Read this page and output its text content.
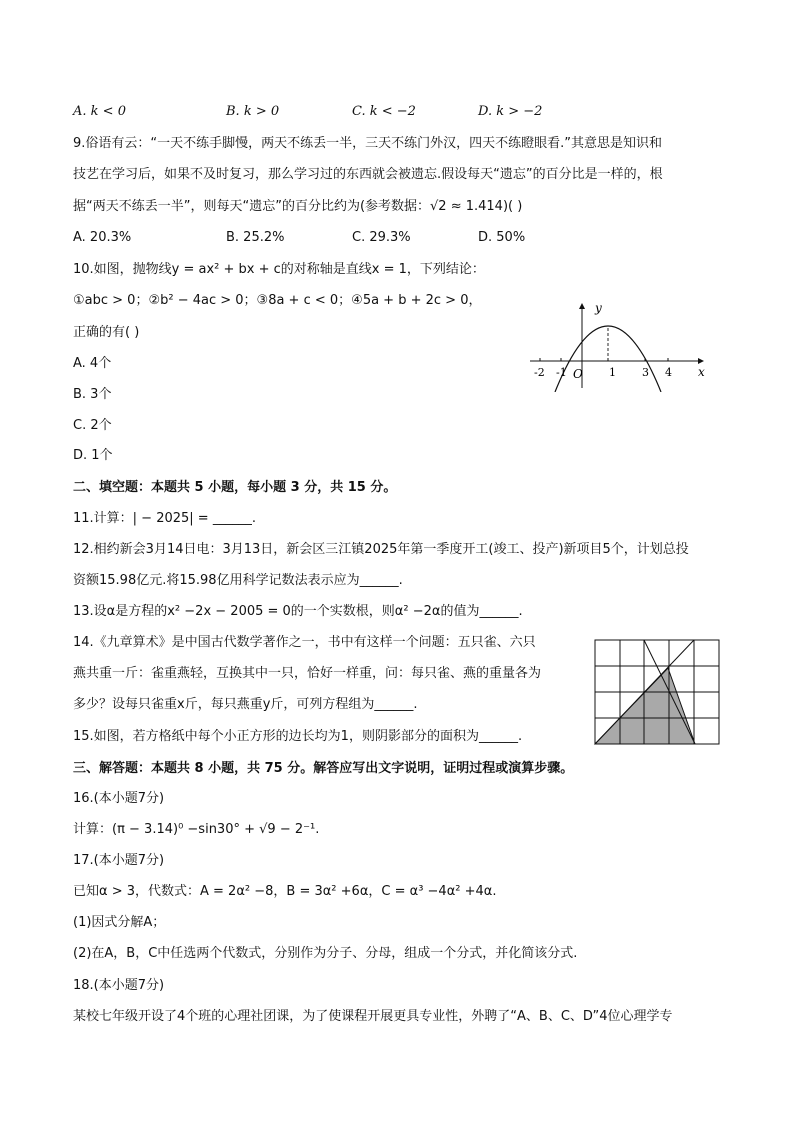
A. k < 0	B. k > 0	C. k < −2	D. k > −2
9.俗语有云：“一天不练手脚慢，两天不练丢一半，三天不练门外汉，四天不练瞪眼看.”其意思是知识和
技艺在学习后，如果不及时复习，那么学习过的东西就会被遗忘.假设每天“遗忘”的百分比是一样的，根
据“两天不练丢一半”，则每天“遗忘”的百分比约为(参考数据：√2 ≈ 1.414)( )
A. 20.3%	B. 25.2%	C. 29.3%	D. 50%
10.如图，抛物线y = ax² + bx + c的对称轴是直线x = 1，下列结论：
①abc > 0；②b² − 4ac > 0；③8a + c < 0；④5a + b + 2c > 0，
正确的有( )
A. 4个
B. 3个
C. 2个
D. 1个
y
x
O
-2 -1	1 3 4
二、填空题：本题共 5 小题，每小题 3 分，共 15 分。
11.计算：| − 2025| = ______.
12.相约新会3月14日电：3月13日，新会区三江镇2025年第一季度开工(竣工、投产)新项目5个，计划总投
资额15.98亿元.将15.98亿用科学记数法表示应为______.
13.设α是方程的x² −2x − 2005 = 0的一个实数根，则α² −2α的值为______.
14.《九章算术》是中国古代数学著作之一，书中有这样一个问题：五只雀、六只
燕共重一斤：雀重燕轻，互换其中一只，恰好一样重，问：每只雀、燕的重量各为
多少？设每只雀重x斤，每只燕重y斤，可列方程组为______.
15.如图，若方格纸中每个小正方形的边长均为1，则阴影部分的面积为______.
三、解答题：本题共 8 小题，共 75 分。解答应写出文字说明，证明过程或演算步骤。
16.(本小题7分)
计算：(π − 3.14)⁰ −sin30° + √9 − 2⁻¹.
17.(本小题7分)
已知α > 3，代数式：A = 2α² −8，B = 3α² +6α，C = α³ −4α² +4α.
(1)因式分解A；
(2)在A，B，C中任选两个代数式，分别作为分子、分母，组成一个分式，并化简该分式.
18.(本小题7分)
某校七年级开设了4个班的心理社团课，为了使课程开展更具专业性，外聘了“A、B、C、D”4位心理学专
